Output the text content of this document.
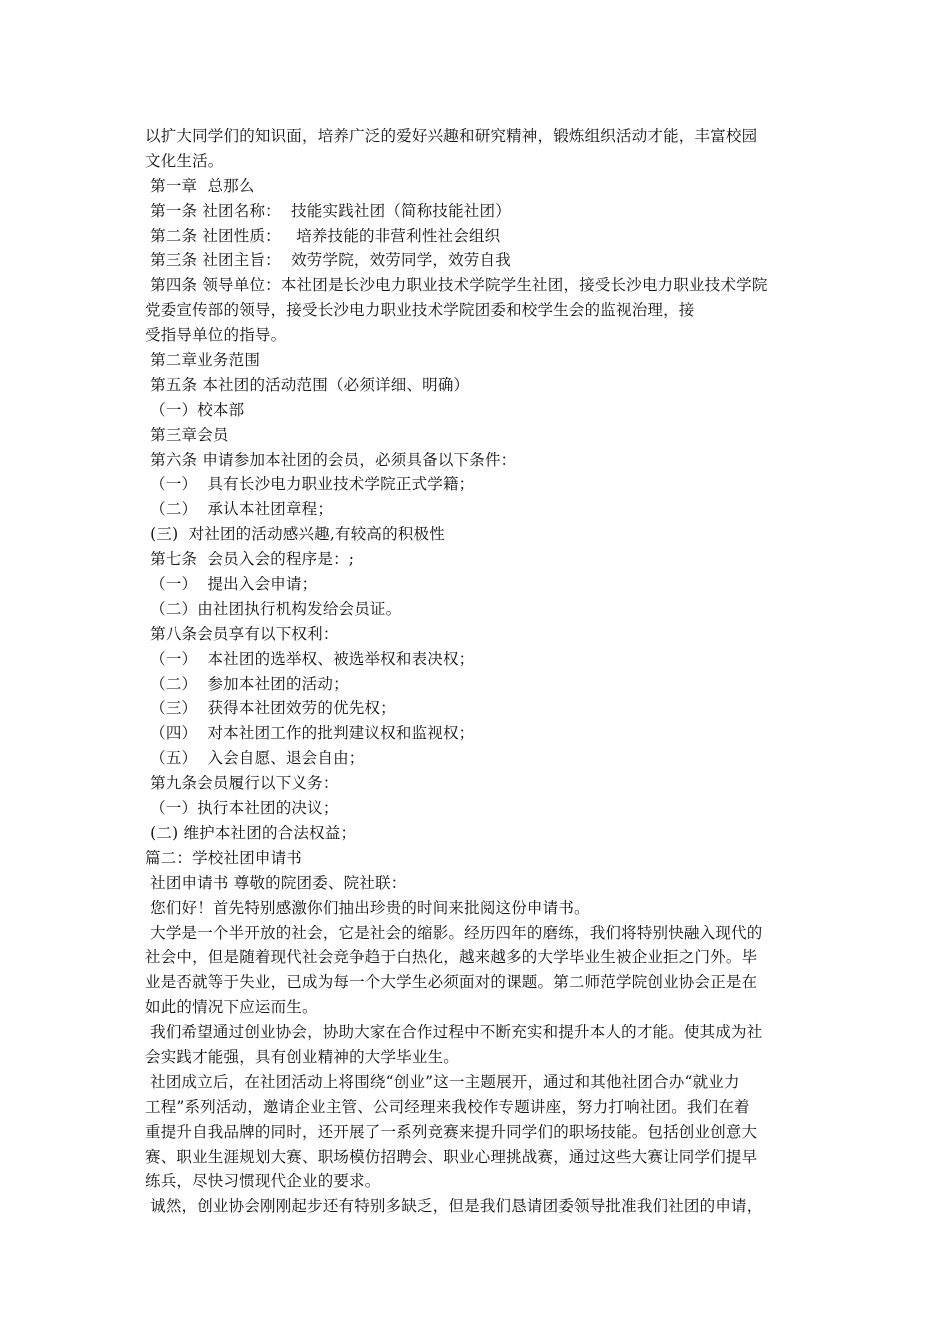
以扩大同学们的知识面，培养广泛的爱好兴趣和研究精神，锻炼组织活动才能，丰富校园
文化生活。
第一章  总那么
第一条 社团名称：  技能实践社团（简称技能社团）
第二条 社团性质：   培养技能的非营利性社会组织
第三条 社团主旨：  效劳学院，效劳同学，效劳自我
第四条 领导单位：本社团是长沙电力职业技术学院学生社团，接受长沙电力职业技术学院
党委宣传部的领导，接受长沙电力职业技术学院团委和校学生会的监视治理，接
受指导单位的指导。
第二章业务范围
第五条 本社团的活动范围（必须详细、明确）
（一）校本部
第三章会员
第六条 申请参加本社团的会员，必须具备以下条件：
（一）  具有长沙电力职业技术学院正式学籍；
（二）  承认本社团章程；
(三)  对社团的活动感兴趣,有较高的积极性
第七条  会员入会的程序是：;
（一）  提出入会申请；
（二）由社团执行机构发给会员证。
第八条会员享有以下权利：
（一）  本社团的选举权、被选举权和表决权；
（二）  参加本社团的活动；
（三）  获得本社团效劳的优先权；
（四）  对本社团工作的批判建议权和监视权；
（五）  入会自愿、退会自由；
第九条会员履行以下义务：
（一）执行本社团的决议；
(二) 维护本社团的合法权益；
篇二：学校社团申请书
社团申请书 尊敬的院团委、院社联：
您们好！首先特别感激你们抽出珍贵的时间来批阅这份申请书。
大学是一个半开放的社会，它是社会的缩影。经历四年的磨练，我们将特别快融入现代的
社会中，但是随着现代社会竞争趋于白热化，越来越多的大学毕业生被企业拒之门外。毕
业是否就等于失业，已成为每一个大学生必须面对的课题。第二师范学院创业协会正是在
如此的情况下应运而生。
我们希望通过创业协会，协助大家在合作过程中不断充实和提升本人的才能。使其成为社
会实践才能强，具有创业精神的大学毕业生。
社团成立后，在社团活动上将围绕“创业”这一主题展开，通过和其他社团合办“就业力
工程”系列活动，邀请企业主管、公司经理来我校作专题讲座，努力打响社团。我们在着
重提升自我品牌的同时，还开展了一系列竞赛来提升同学们的职场技能。包括创业创意大
赛、职业生涯规划大赛、职场模仿招聘会、职业心理挑战赛，通过这些大赛让同学们提早
练兵，尽快习惯现代企业的要求。
诚然，创业协会刚刚起步还有特别多缺乏，但是我们恳请团委领导批准我们社团的申请，
